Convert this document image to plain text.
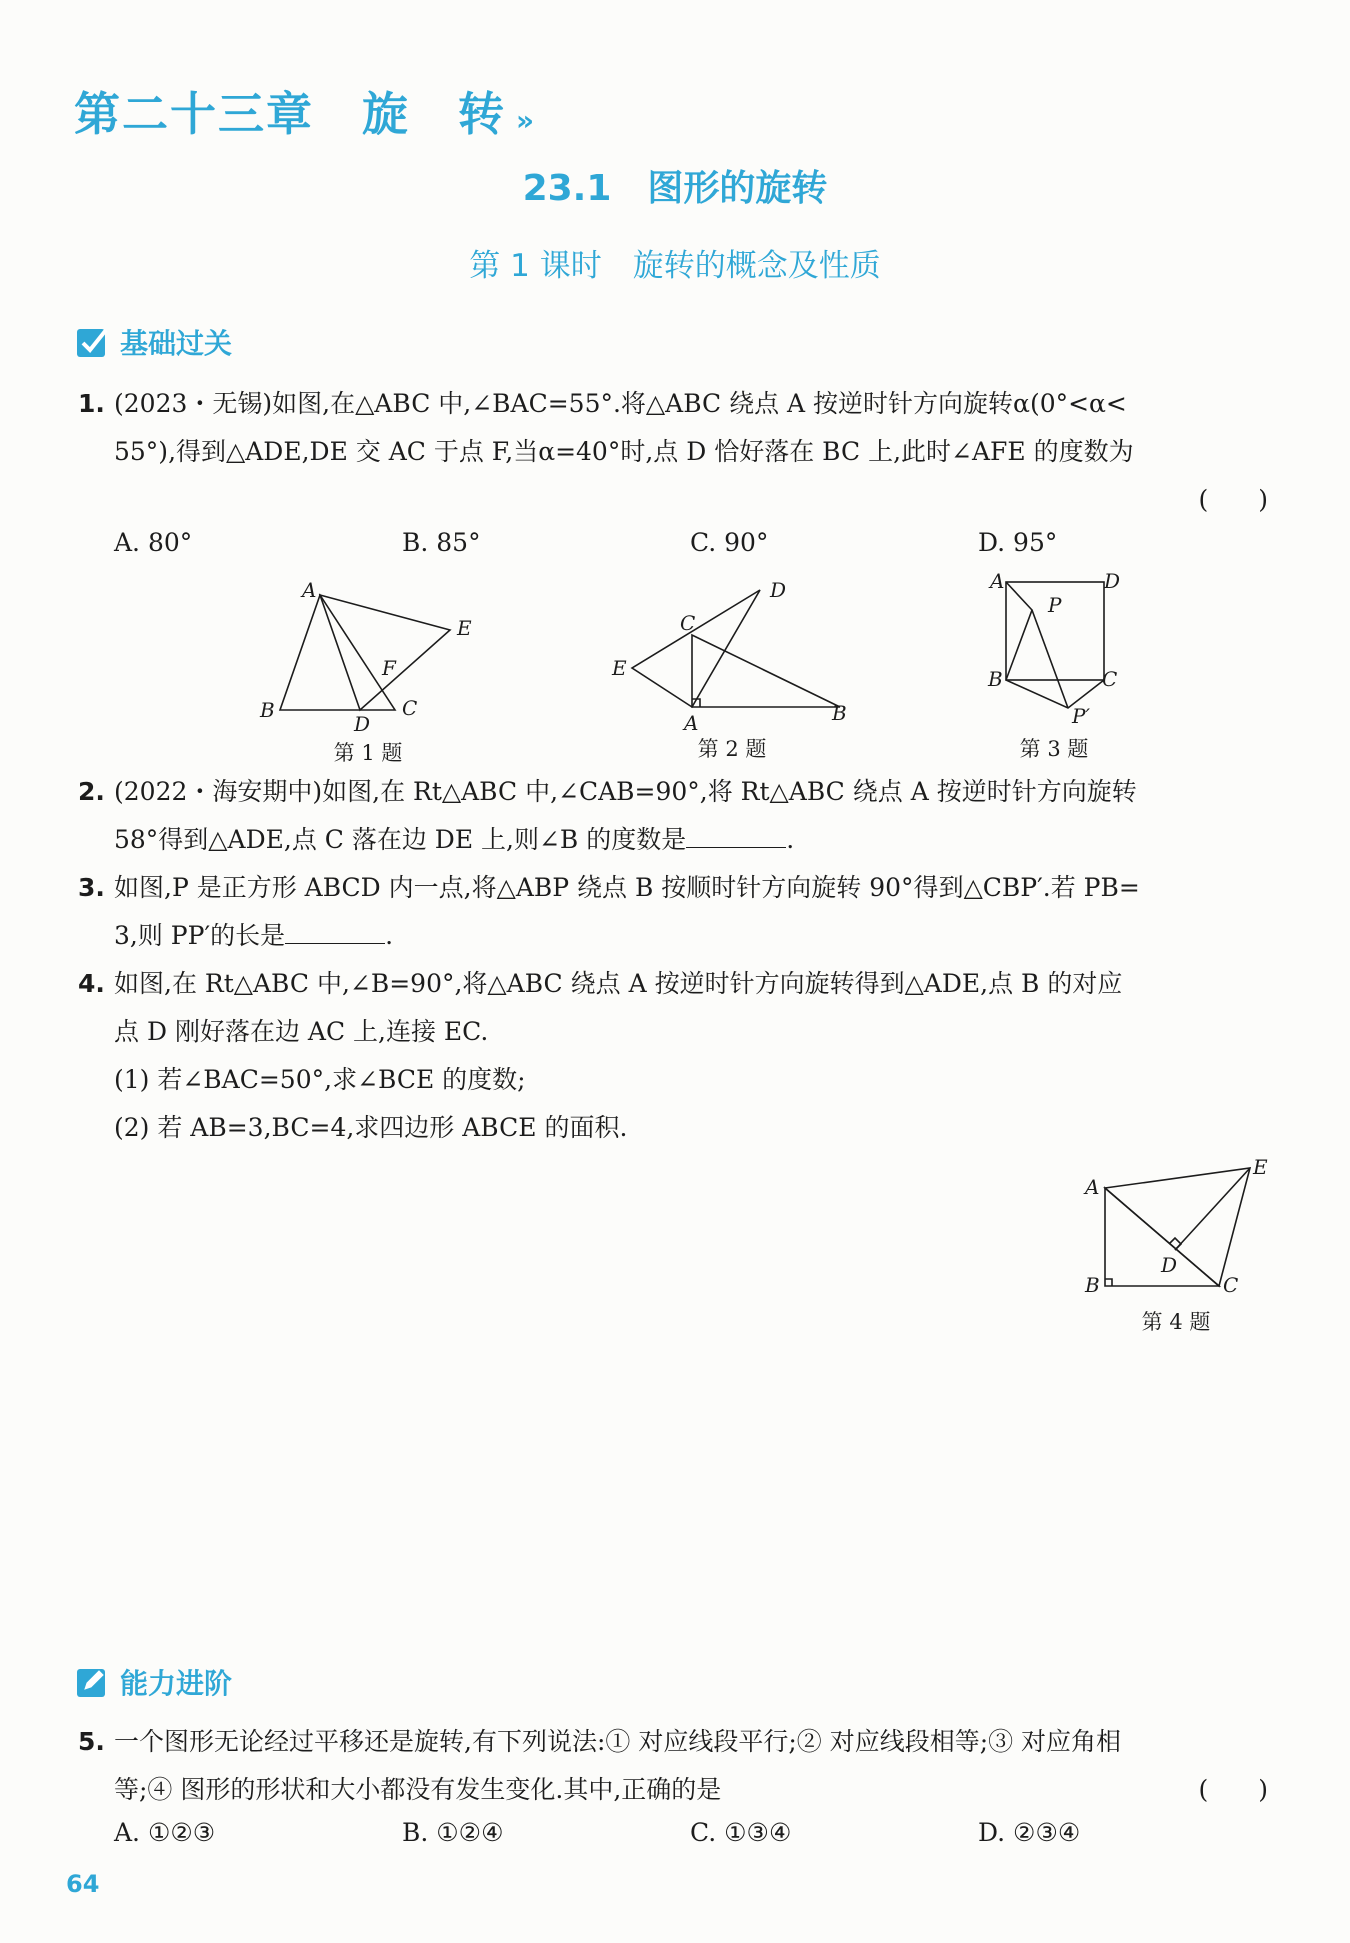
第二十三章　旋　转 »
23.1　图形的旋转
第 1 课时　旋转的概念及性质
基础过关
1. (2023・无锡)如图,在△ABC 中,∠BAC=55°.将△ABC 绕点 A 按逆时针方向旋转α(0°<α<
55°),得到△ADE,DE 交 AC 于点 F,当α=40°时,点 D 恰好落在 BC 上,此时∠AFE 的度数为
(　　)
A. 80°	B. 85°	C. 90°	D. 95°
A
B	C
D
E
F
第 1 题
C
D
E
A	B
第 2 题
A	D
P
B	C
P′
第 3 题
2. (2022・海安期中)如图,在 Rt△ABC 中,∠CAB=90°,将 Rt△ABC 绕点 A 按逆时针方向旋转
58°得到△ADE,点 C 落在边 DE 上,则∠B 的度数是	.
3. 如图,P 是正方形 ABCD 内一点,将△ABP 绕点 B 按顺时针方向旋转 90°得到△CBP′.若 PB=
3,则 PP′的长是	.
4. 如图,在 Rt△ABC 中,∠B=90°,将△ABC 绕点 A 按逆时针方向旋转得到△ADE,点 B 的对应
点 D 刚好落在边 AC 上,连接 EC.
(1) 若∠BAC=50°,求∠BCE 的度数;
(2) 若 AB=3,BC=4,求四边形 ABCE 的面积.
A
E
D
B	C
第 4 题
能力进阶
5. 一个图形无论经过平移还是旋转,有下列说法:① 对应线段平行;② 对应线段相等;③ 对应角相
等;④ 图形的形状和大小都没有发生变化.其中,正确的是	(　　)
A. ①②③	B. ①②④	C. ①③④	D. ②③④
64
